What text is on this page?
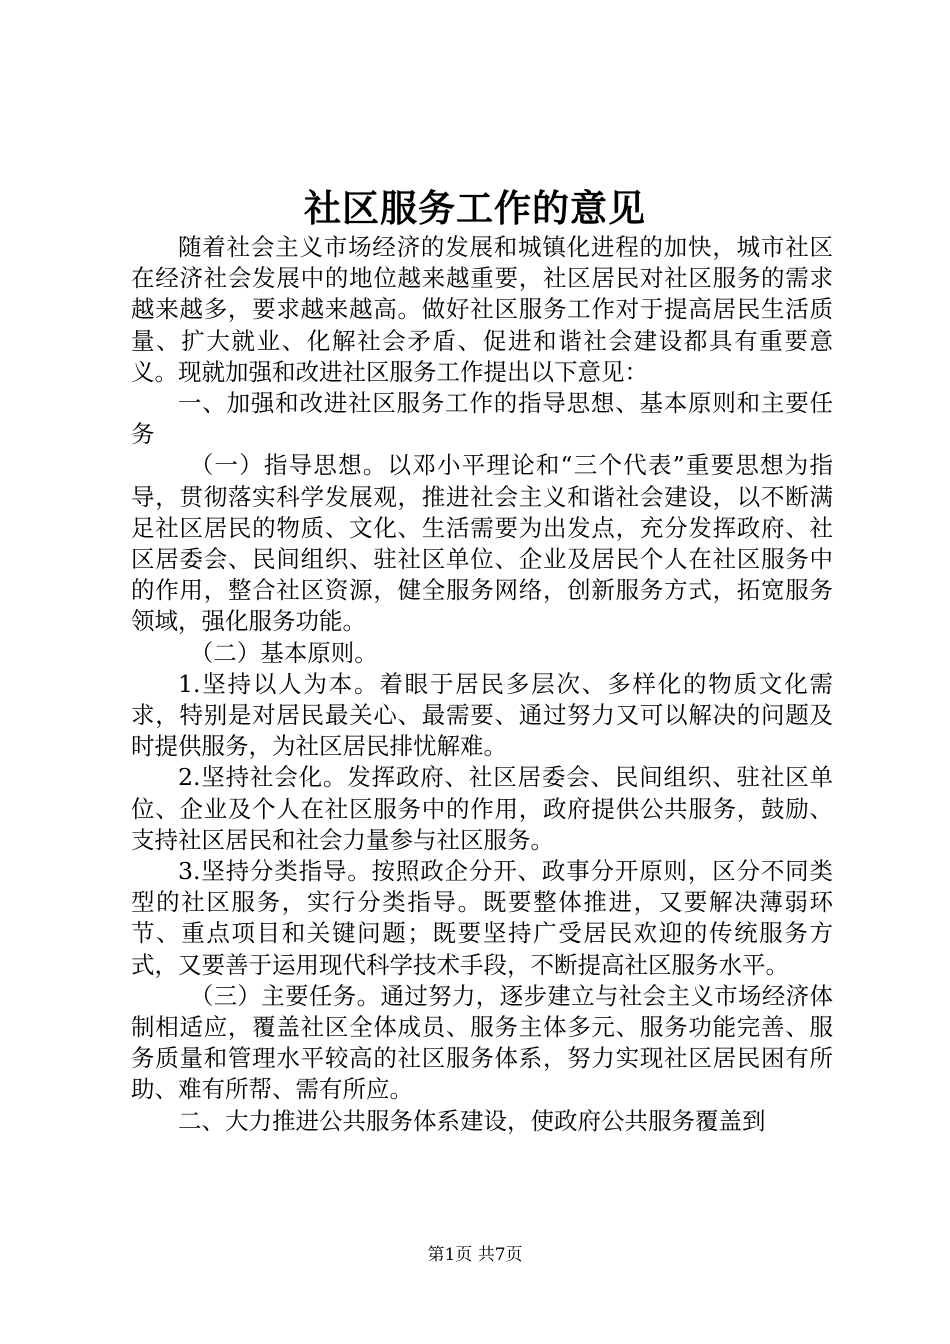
社区服务工作的意见

随着社会主义市场经济的发展和城镇化进程的加快，城市社区在经济社会发展中的地位越来越重要，社区居民对社区服务的需求越来越多，要求越来越高。做好社区服务工作对于提高居民生活质量、扩大就业、化解社会矛盾、促进和谐社会建设都具有重要意义。现就加强和改进社区服务工作提出以下意见：

一、加强和改进社区服务工作的指导思想、基本原则和主要任务

（一）指导思想。以邓小平理论和“三个代表”重要思想为指导，贯彻落实科学发展观，推进社会主义和谐社会建设，以不断满足社区居民的物质、文化、生活需要为出发点，充分发挥政府、社区居委会、民间组织、驻社区单位、企业及居民个人在社区服务中的作用，整合社区资源，健全服务网络，创新服务方式，拓宽服务领域，强化服务功能。

（二）基本原则。

1.坚持以人为本。着眼于居民多层次、多样化的物质文化需求，特别是对居民最关心、最需要、通过努力又可以解决的问题及时提供服务，为社区居民排忧解难。

2.坚持社会化。发挥政府、社区居委会、民间组织、驻社区单位、企业及个人在社区服务中的作用，政府提供公共服务，鼓励、支持社区居民和社会力量参与社区服务。

3.坚持分类指导。按照政企分开、政事分开原则，区分不同类型的社区服务，实行分类指导。既要整体推进，又要解决薄弱环节、重点项目和关键问题；既要坚持广受居民欢迎的传统服务方式，又要善于运用现代科学技术手段，不断提高社区服务水平。

（三）主要任务。通过努力，逐步建立与社会主义市场经济体制相适应，覆盖社区全体成员、服务主体多元、服务功能完善、服务质量和管理水平较高的社区服务体系，努力实现社区居民困有所助、难有所帮、需有所应。

二、大力推进公共服务体系建设，使政府公共服务覆盖到

第1页 共7页
